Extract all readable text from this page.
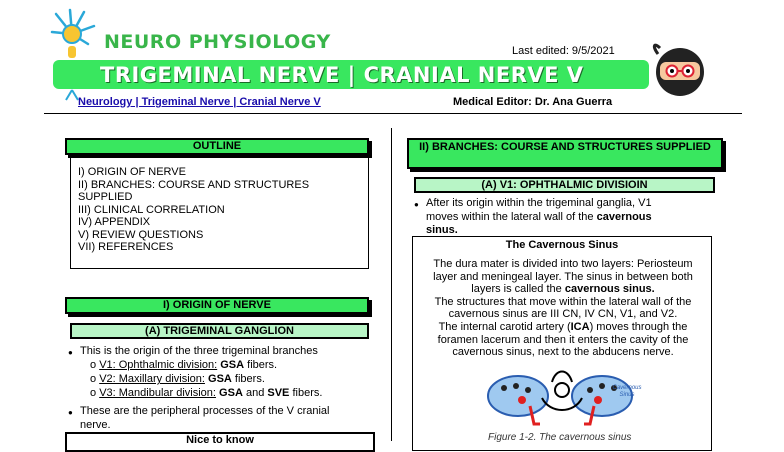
NEURO PHYSIOLOGY	Last edited: 9/5/2021
TRIGEMINAL NERVE | CRANIAL NERVE V
Neurology | Trigeminal Nerve | Cranial Nerve V	Medical Editor: Dr. Ana Guerra
OUTLINE
I) ORIGIN OF NERVE
II) BRANCHES: COURSE AND STRUCTURES
SUPPLIED
III) CLINICAL CORRELATION
IV) APPENDIX
V) REVIEW QUESTIONS
VII) REFERENCES
I) ORIGIN OF NERVE
(A) TRIGEMINAL GANGLION
● This is the origin of the three trigeminal branches
o V1: Ophthalmic division: GSA fibers.
o V2: Maxillary division: GSA fibers.
o V3: Mandibular division: GSA and SVE fibers.
● These are the peripheral processes of the V cranial nerve.
Nice to know
II) BRANCHES: COURSE AND STRUCTURES SUPPLIED
(A) V1: OPHTHALMIC DIVISIOIN
● After its origin within the trigeminal ganglia, V1 moves within the lateral wall of the cavernous sinus.
The Cavernous Sinus
The dura mater is divided into two layers: Periosteum layer and meningeal layer. The sinus in between both layers is called the cavernous sinus.
The structures that move within the lateral wall of the cavernous sinus are III CN, IV CN, V1, and V2.
The internal carotid artery (ICA) moves through the foramen lacerum and then it enters the cavity of the cavernous sinus, next to the abducens nerve.
Cavernous Sinus
Figure 1-2. The cavernous sinus
